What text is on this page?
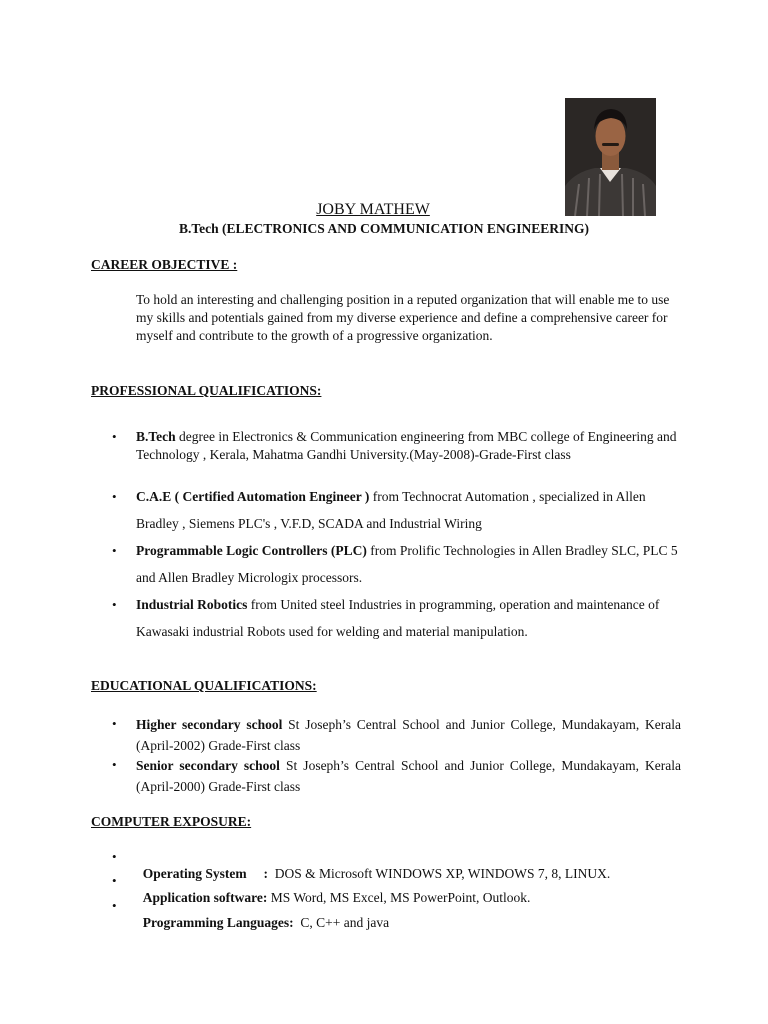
JOBY MATHEW
B.Tech (ELECTRONICS AND COMMUNICATION ENGINEERING)
CAREER OBJECTIVE :
To hold an interesting and challenging position in a reputed organization that will enable me to use my skills and potentials gained from my diverse experience and define a comprehensive career for myself and contribute to the growth of a progressive organization.
PROFESSIONAL QUALIFICATIONS:
•	B.Tech degree in Electronics & Communication engineering from MBC college of Engineering and Technology , Kerala, Mahatma Gandhi University.(May-2008)-Grade-First class
•	C.A.E ( Certified Automation Engineer ) from Technocrat Automation , specialized in Allen Bradley , Siemens PLC's , V.F.D, SCADA and Industrial Wiring
•	Programmable Logic Controllers (PLC) from Prolific Technologies in Allen Bradley SLC, PLC 5 and Allen Bradley Micrologix processors.
•	Industrial Robotics from United steel Industries in programming, operation and maintenance of Kawasaki industrial Robots used for welding and material manipulation.
EDUCATIONAL QUALIFICATIONS:
•	Higher secondary school St Joseph’s Central School and Junior College, Mundakayam, Kerala (April-2002) Grade-First class
•	Senior secondary school St Joseph’s Central School and Junior College, Mundakayam, Kerala (April-2000) Grade-First class
COMPUTER EXPOSURE:
•

Operating System     :  DOS & Microsoft WINDOWS XP, WINDOWS 7, 8, LINUX.

•

Application software: MS Word, MS Excel, MS PowerPoint, Outlook.

•

Programming Languages:  C, C++ and java
